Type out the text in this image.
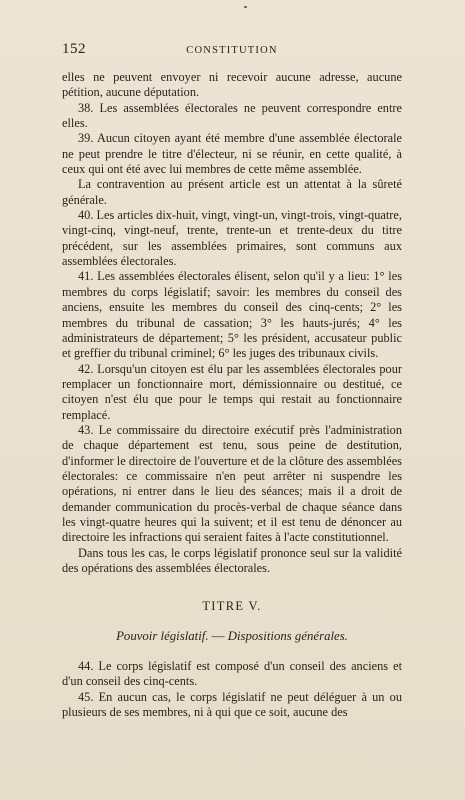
152	CONSTITUTION

elles ne peuvent envoyer ni recevoir aucune adresse, aucune pétition, aucune députation.

38. Les assemblées électorales ne peuvent correspondre entre elles.

39. Aucun citoyen ayant été membre d'une assemblée électorale ne peut prendre le titre d'électeur, ni se réunir, en cette qualité, à ceux qui ont été avec lui membres de cette même assemblée.

La contravention au présent article est un attentat à la sûreté générale.

40. Les articles dix-huit, vingt, vingt-un, vingt-trois, vingt-quatre, vingt-cinq, vingt-neuf, trente, trente-un et trente-deux du titre précédent, sur les assemblées primaires, sont communs aux assemblées électorales.

41. Les assemblées électorales élisent, selon qu'il y a lieu: 1° les membres du corps législatif; savoir: les membres du conseil des anciens, ensuite les membres du conseil des cinq-cents; 2° les membres du tribunal de cassation; 3° les hauts-jurés; 4° les administrateurs de département; 5° les président, accusateur public et greffier du tribunal criminel; 6° les juges des tribunaux civils.

42. Lorsqu'un citoyen est élu par les assemblées électorales pour remplacer un fonctionnaire mort, démissionnaire ou destitué, ce citoyen n'est élu que pour le temps qui restait au fonctionnaire remplacé.

43. Le commissaire du directoire exécutif près l'administration de chaque département est tenu, sous peine de destitution, d'informer le directoire de l'ouverture et de la clôture des assemblées électorales: ce commissaire n'en peut arrêter ni suspendre les opérations, ni entrer dans le lieu des séances; mais il a droit de demander communication du procès-verbal de chaque séance dans les vingt-quatre heures qui la suivent; et il est tenu de dénoncer au directoire les infractions qui seraient faites à l'acte constitutionnel.

Dans tous les cas, le corps législatif prononce seul sur la validité des opérations des assemblées électorales.

TITRE V.
Pouvoir législatif. — Dispositions générales.

44. Le corps législatif est composé d'un conseil des anciens et d'un conseil des cinq-cents.

45. En aucun cas, le corps législatif ne peut déléguer à un ou plusieurs de ses membres, ni à qui que ce soit, aucune des
